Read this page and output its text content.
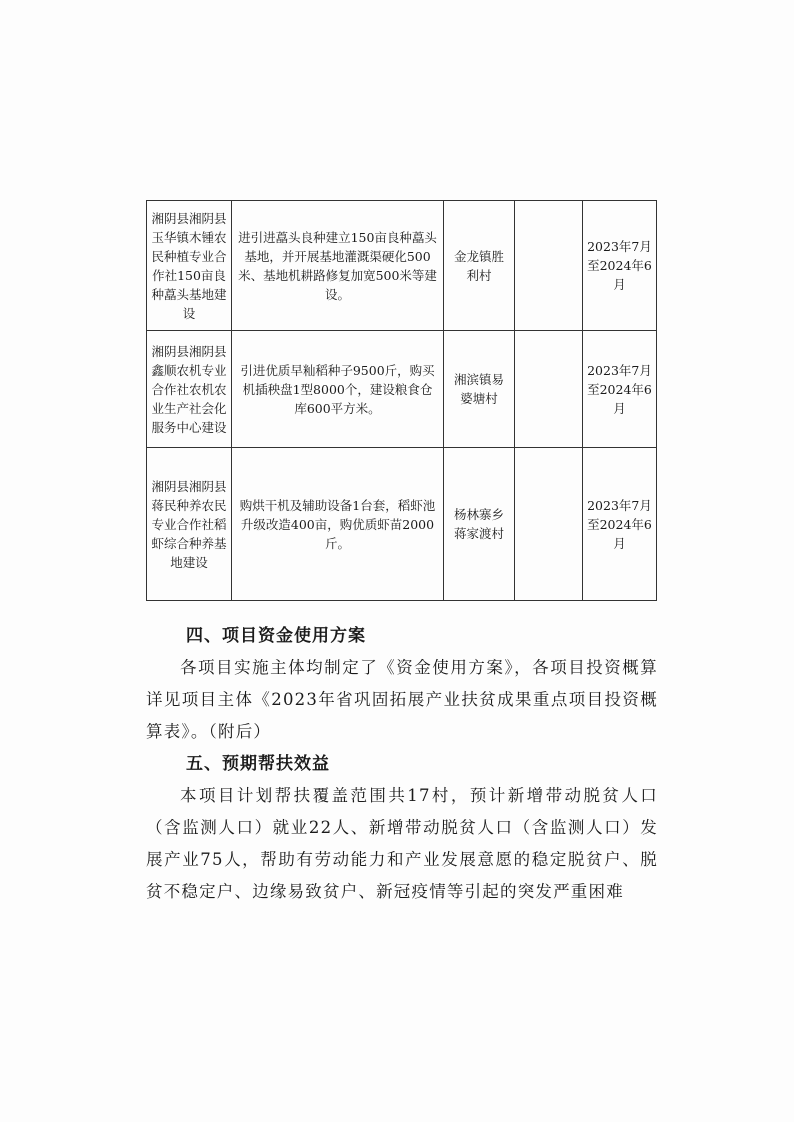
湘阴县湘阴县玉华镇木锺农民种植专业合作社150亩良种藠头基地建设	进引进藠头良种建立150亩良种藠头基地，并开展基地灌溉渠硬化500米、基地机耕路修复加宽500米等建设。	金龙镇胜利村		2023年7月至2024年6月
湘阴县湘阴县鑫顺农机专业合作社农机农业生产社会化服务中心建设	引进优质早籼稻种子9500斤，购买机插秧盘1型8000个，建设粮食仓库600平方米。	湘滨镇易婆塘村		2023年7月至2024年6月
湘阴县湘阴县蒋民种养农民专业合作社稻虾综合种养基地建设	购烘干机及辅助设备1台套，稻虾池升级改造400亩，购优质虾苗2000斤。	杨林寨乡蒋家渡村		2023年7月至2024年6月

四、项目资金使用方案

各项目实施主体均制定了《资金使用方案》，各项目投资概算详见项目主体《2023年省巩固拓展产业扶贫成果重点项目投资概算表》。（附后）

五、预期帮扶效益

本项目计划帮扶覆盖范围共17村，预计新增带动脱贫人口（含监测人口）就业22人、新增带动脱贫人口（含监测人口）发展产业75人，帮助有劳动能力和产业发展意愿的稳定脱贫户、脱贫不稳定户、边缘易致贫户、新冠疫情等引起的突发严重困难
